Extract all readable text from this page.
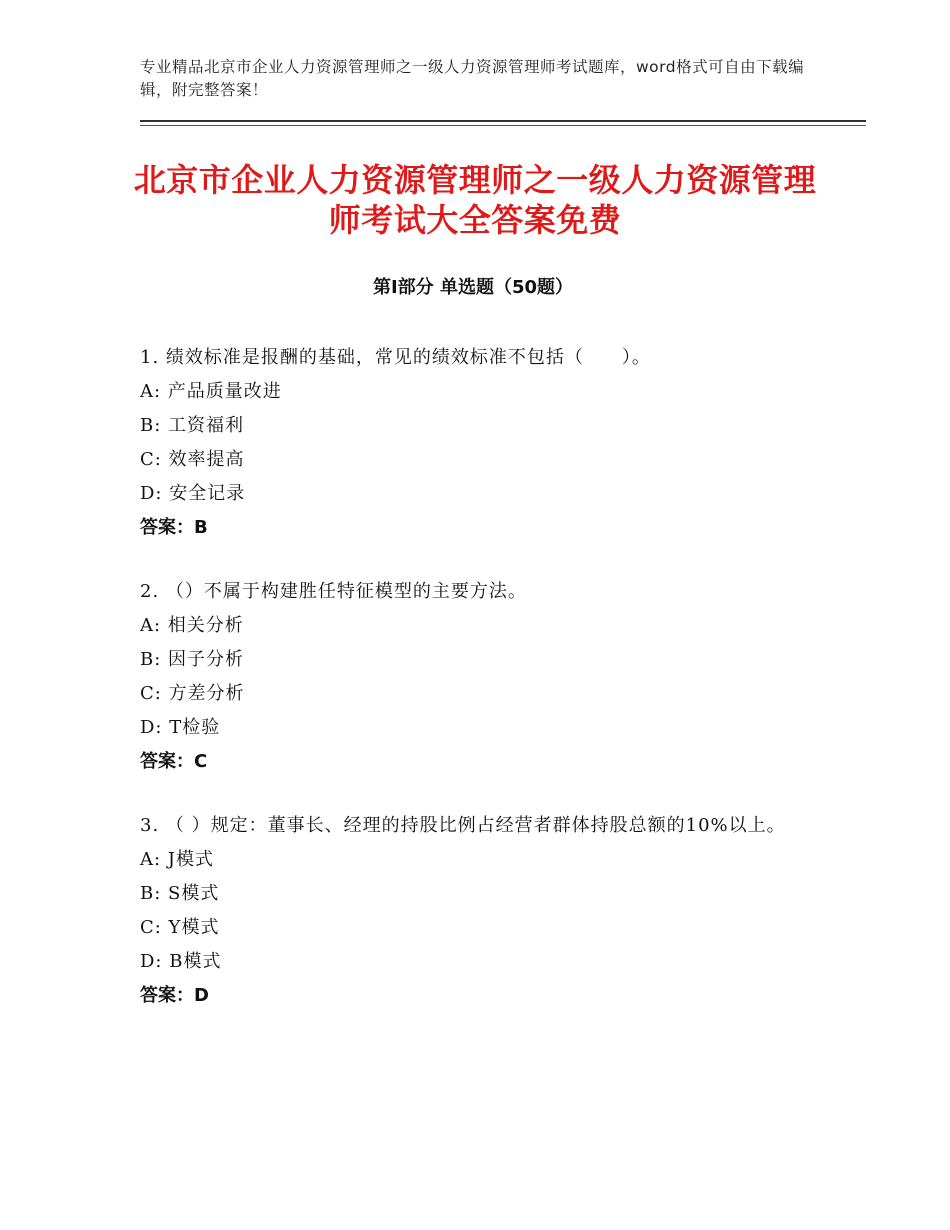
专业精品北京市企业人力资源管理师之一级人力资源管理师考试题库，word格式可自由下载编辑，附完整答案！
北京市企业人力资源管理师之一级人力资源管理师考试大全答案免费
第Ⅰ部分 单选题（50题）
1. 绩效标准是报酬的基础，常见的绩效标准不包括（　　）。
A: 产品质量改进
B: 工资福利
C: 效率提高
D: 安全记录
答案：B
2. （）不属于构建胜任特征模型的主要方法。
A: 相关分析
B: 因子分析
C: 方差分析
D: T检验
答案：C
3. （ ）规定：董事长、经理的持股比例占经营者群体持股总额的10%以上。
A: J模式
B: S模式
C: Y模式
D: B模式
答案：D
